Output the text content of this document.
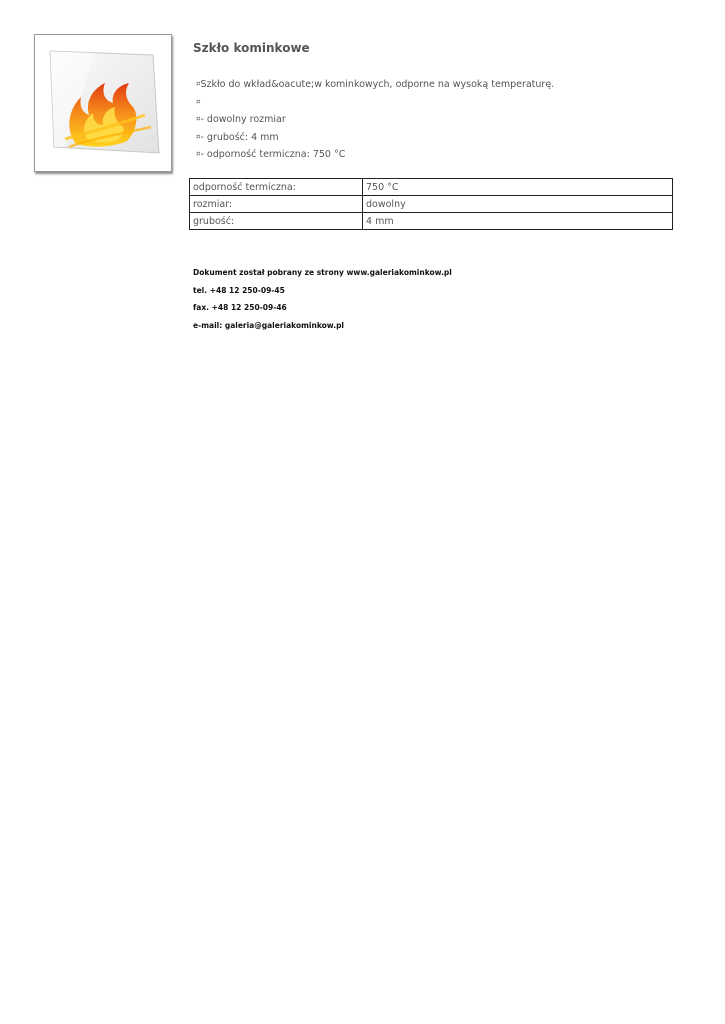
Szkło kominkowe
¤Szkło do wkład&oacute;w kominkowych, odporne na wysoką temperaturę.
¤
¤- dowolny rozmiar
¤- grubość: 4 mm
¤- odporność termiczna: 750 °C
odporność termiczna:	750 °C
rozmiar:	dowolny
grubość:	4 mm
Dokument został pobrany ze strony www.galeriakominkow.pl
tel. +48 12 250-09-45
fax. +48 12 250-09-46
e-mail: galeria@galeriakominkow.pl
